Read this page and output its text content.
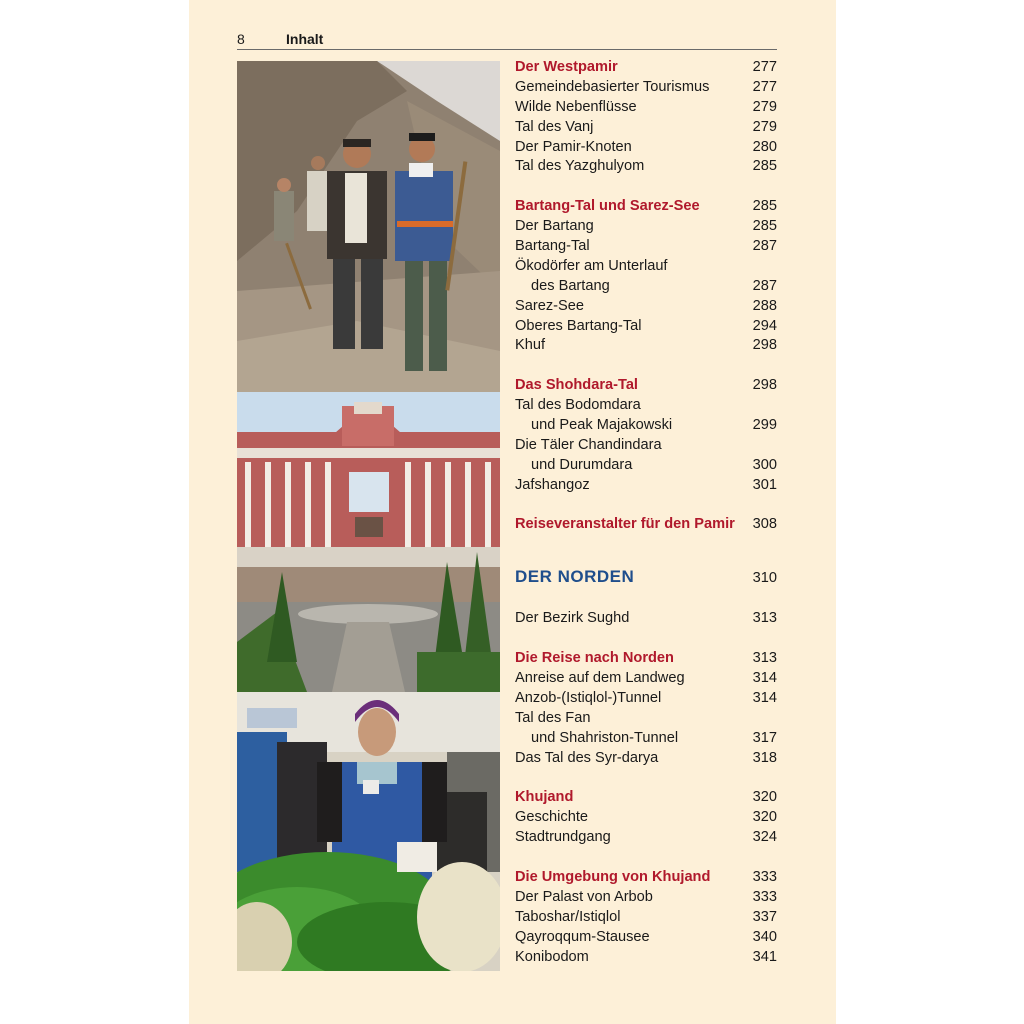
8	Inhalt
Der Westpamir	277
Gemeindebasierter Tourismus	277
Wilde Nebenflüsse	279
Tal des Vanj	279
Der Pamir-Knoten	280
Tal des Yazghulyom	285
Bartang-Tal und Sarez-See	285
Der Bartang	285
Bartang-Tal	287
Ökodörfer am Unterlauf
des Bartang	287
Sarez-See	288
Oberes Bartang-Tal	294
Khuf	298
Das Shohdara-Tal	298
Tal des Bodomdara
und Peak Majakowski	299
Die Täler Chandindara
und Durumdara	300
Jafshangoz	301
Reiseveranstalter für den Pamir 308
DER NORDEN	310
Der Bezirk Sughd	313
Die Reise nach Norden	313
Anreise auf dem Landweg	314
Anzob-(Istiqlol-)Tunnel	314
Tal des Fan
und Shahriston-Tunnel	317
Das Tal des Syr-darya	318
Khujand	320
Geschichte	320
Stadtrundgang	324
Die Umgebung von Khujand	333
Der Palast von Arbob	333
Taboshar/Istiqlol	337
Qayroqqum-Stausee	340
Konibodom	341
